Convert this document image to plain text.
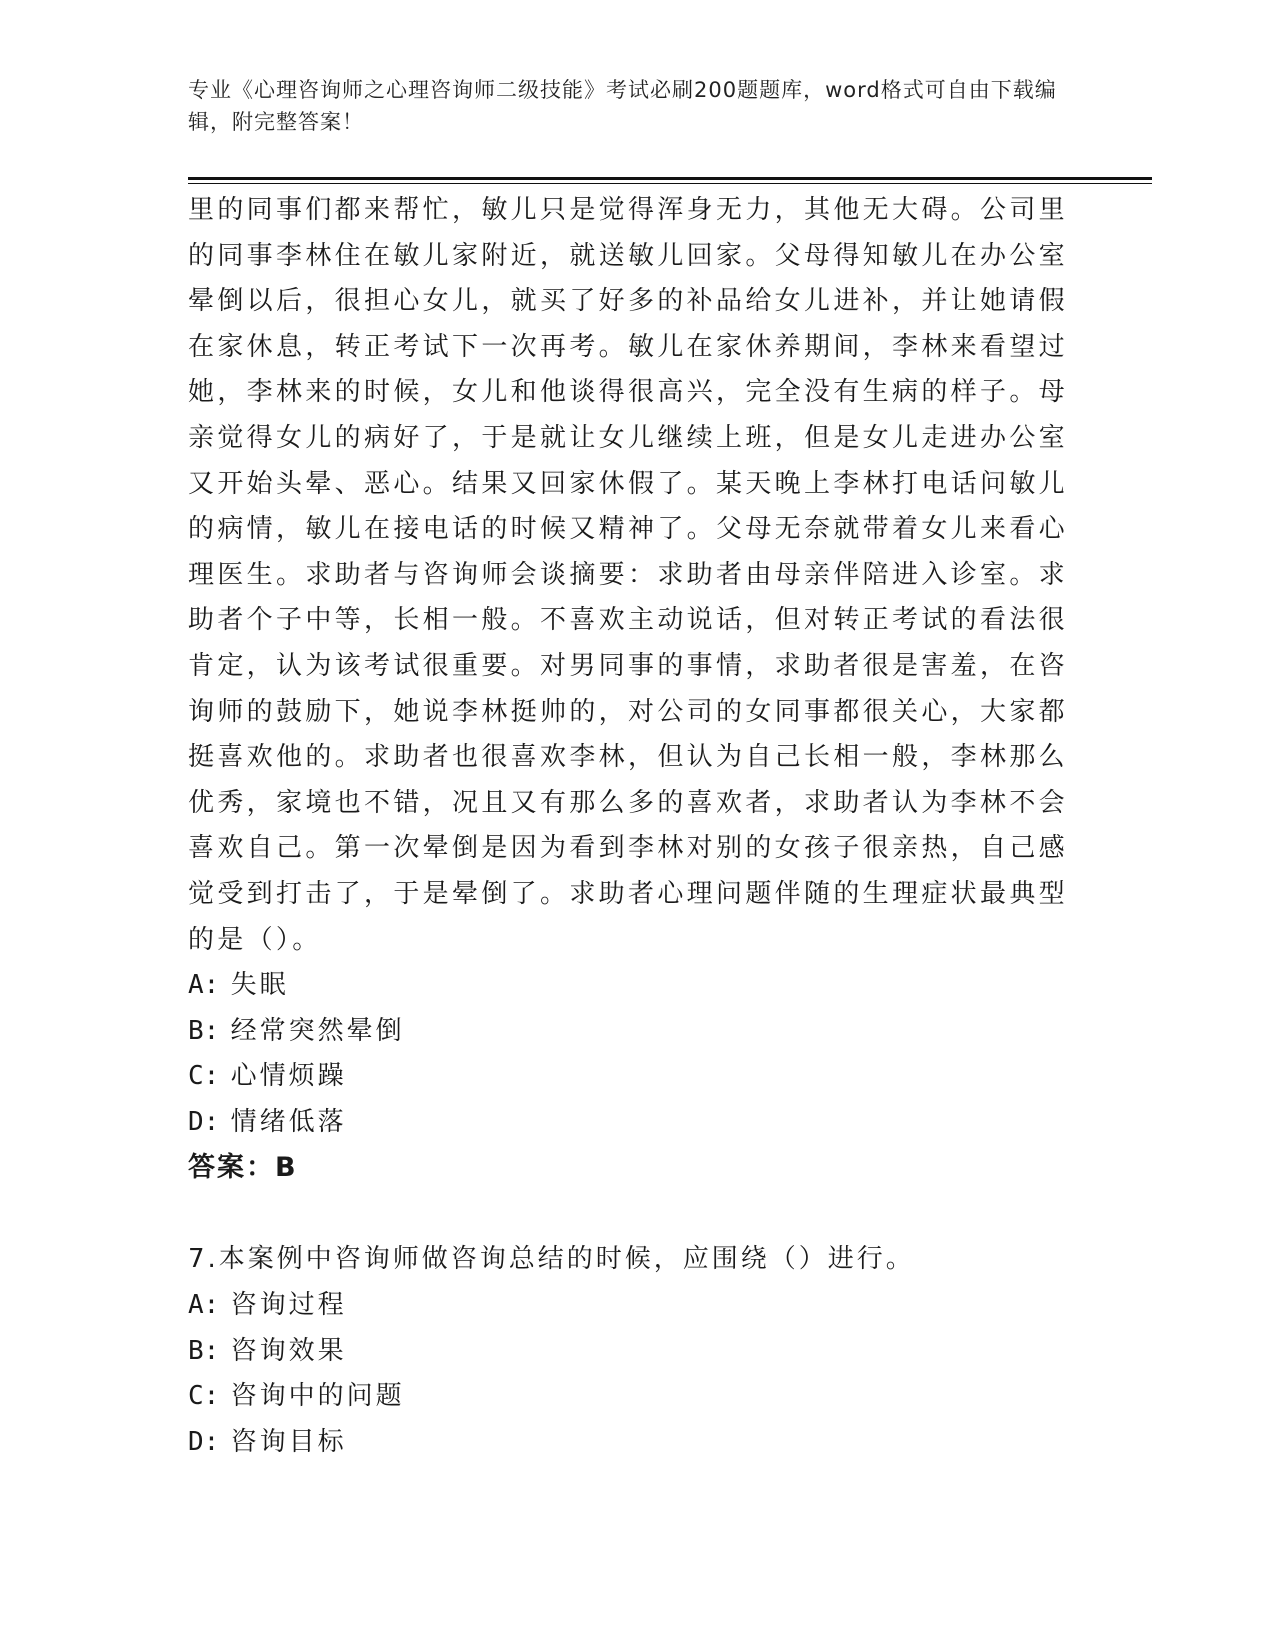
专业《心理咨询师之心理咨询师二级技能》考试必刷200题题库，word格式可自由下载编辑，附完整答案！

里的同事们都来帮忙，敏儿只是觉得浑身无力，其他无大碍。公司里的同事李林住在敏儿家附近，就送敏儿回家。父母得知敏儿在办公室晕倒以后，很担心女儿，就买了好多的补品给女儿进补，并让她请假在家休息，转正考试下一次再考。敏儿在家休养期间，李林来看望过她，李林来的时候，女儿和他谈得很高兴，完全没有生病的样子。母亲觉得女儿的病好了，于是就让女儿继续上班，但是女儿走进办公室又开始头晕、恶心。结果又回家休假了。某天晚上李林打电话问敏儿的病情，敏儿在接电话的时候又精神了。父母无奈就带着女儿来看心理医生。求助者与咨询师会谈摘要：求助者由母亲伴陪进入诊室。求助者个子中等，长相一般。不喜欢主动说话，但对转正考试的看法很肯定，认为该考试很重要。对男同事的事情，求助者很是害羞，在咨询师的鼓励下，她说李林挺帅的，对公司的女同事都很关心，大家都挺喜欢他的。求助者也很喜欢李林，但认为自己长相一般，李林那么优秀，家境也不错，况且又有那么多的喜欢者，求助者认为李林不会喜欢自己。第一次晕倒是因为看到李林对别的女孩子很亲热，自己感觉受到打击了，于是晕倒了。求助者心理问题伴随的生理症状最典型的是（）。

A: 失眠

B: 经常突然晕倒

C: 心情烦躁

D: 情绪低落

答案：B

7.本案例中咨询师做咨询总结的时候，应围绕（）进行。

A: 咨询过程

B: 咨询效果

C: 咨询中的问题

D: 咨询目标
